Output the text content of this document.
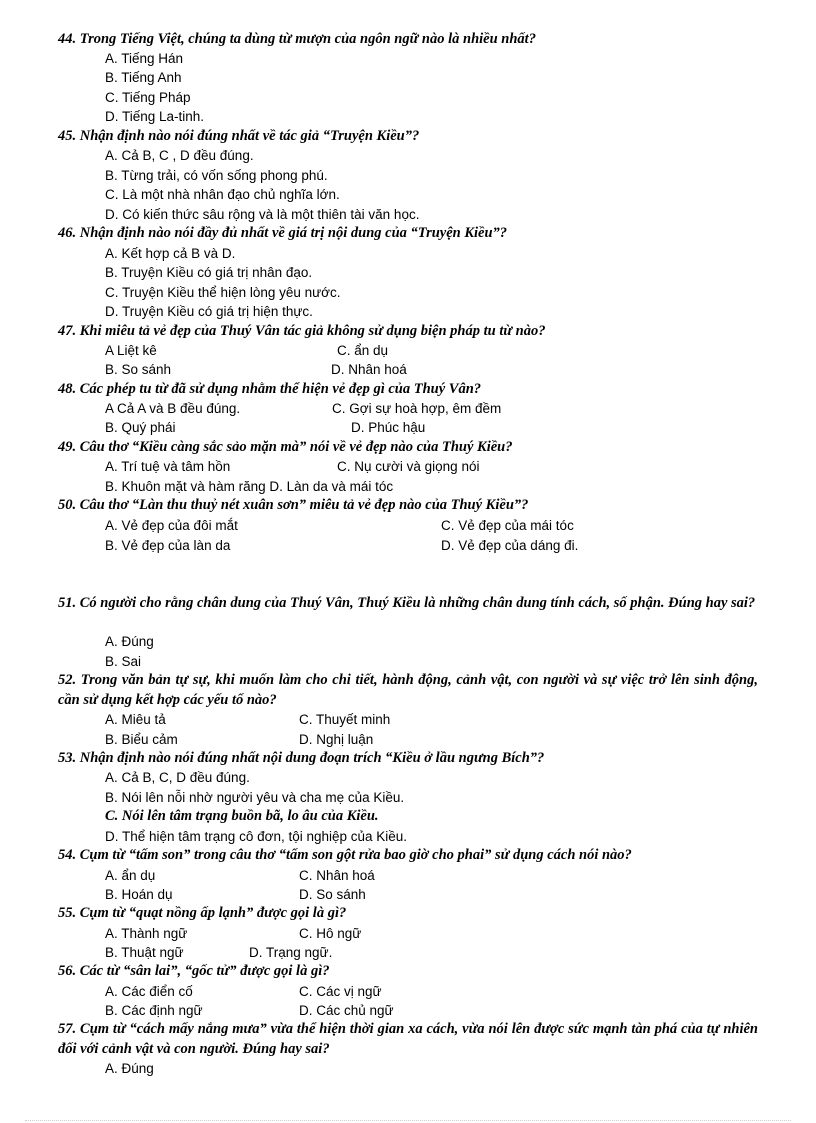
44. Trong Tiếng Việt, chúng ta dùng từ mượn của ngôn ngữ nào là nhiều nhất?
A. Tiếng Hán
B. Tiếng Anh
C. Tiếng Pháp
D. Tiếng La-tinh.
45. Nhận định nào nói đúng nhất về tác giả “Truyện Kiều”?
A. Cả B, C , D đều đúng.
B. Từng trải, có vốn sống phong phú.
C. Là một nhà nhân đạo chủ nghĩa lớn.
D. Có kiến thức sâu rộng và là một thiên tài văn học.
46. Nhận định nào nói đầy đủ nhất về giá trị nội dung của “Truyện Kiều”?
A. Kết hợp cả B và D.
B. Truyện Kiều có giá trị nhân đạo.
C. Truyện Kiều thể hiện lòng yêu nước.
D. Truyện Kiều có giá trị hiện thực.
47. Khi miêu tả vẻ đẹp của Thuý Vân tác giả không sử dụng biện pháp tu từ nào?
A Liệt kê	C. ẩn dụ
B. So sánh	D. Nhân hoá
48. Các phép tu từ đã sử dụng nhằm thể hiện vẻ đẹp gì của Thuý Vân?
A Cả A và B đều đúng.	C. Gợi sự hoà hợp, êm đềm
B. Quý phái	D. Phúc hậu
49. Câu thơ “Kiều càng sắc sảo mặn mà” nói về vẻ đẹp nào của Thuý Kiều?
A. Trí tuệ và tâm hồn	C. Nụ cười và giọng nói
B. Khuôn mặt và hàm răng D. Làn da và mái tóc
50. Câu thơ “Làn thu thuỷ nét xuân sơn” miêu tả vẻ đẹp nào của Thuý Kiều”?
A. Vẻ đẹp của đôi mắt	C. Vẻ đẹp của mái tóc
B. Vẻ đẹp của làn da	D. Vẻ đẹp của dáng đi.
51. Có người cho rằng chân dung của Thuý Vân, Thuý Kiều là những chân dung tính cách, số phận. Đúng hay sai?
A. Đúng
B. Sai
52. Trong văn bản tự sự, khi muốn làm cho chi tiết, hành động, cảnh vật, con người và sự việc trở lên sinh động, cần sử dụng kết hợp các yếu tố nào?
A. Miêu tả	C. Thuyết minh
B. Biểu cảm	D. Nghị luận
53. Nhận định nào nói đúng nhất nội dung đoạn trích “Kiều ở lầu ngưng Bích”?
A. Cả B, C, D đều đúng.
B. Nói lên nỗi nhờ người yêu và cha mẹ của Kiều.
C. Nói lên tâm trạng buồn bã, lo âu của Kiều.
D. Thể hiện tâm trạng cô đơn, tội nghiệp của Kiều.
54. Cụm từ “tấm son” trong câu thơ “tấm son gột rửa bao giờ cho phai” sử dụng cách nói nào?
A. ẩn dụ	C. Nhân hoá
B. Hoán dụ	D. So sánh
55. Cụm từ “quạt nồng ấp lạnh” được gọi là gì?
A. Thành ngữ	C. Hô ngữ
B. Thuật ngữ	D. Trạng ngữ.
56. Các từ “sân lai”, “gốc tử” được gọi là gì?
A. Các điển cố	C. Các vị ngữ
B. Các định ngữ	D. Các chủ ngữ
57. Cụm từ “cách mấy nắng mưa” vừa thể hiện thời gian xa cách, vừa nói lên được sức mạnh tàn phá của tự nhiên đối với cảnh vật và con người. Đúng hay sai?
A. Đúng
